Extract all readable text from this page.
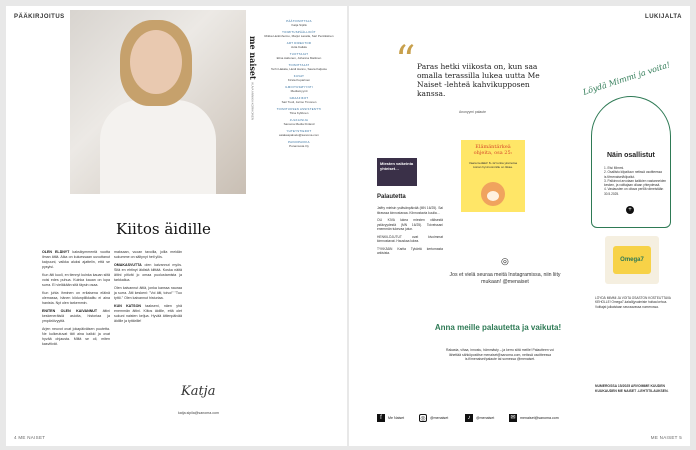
PÄÄKIRJOITUS
KUVA ANNIKA KORHONEN
Kiitos äidille

OLEN ELÄNYT kaksikymmentä vuotta ilman äitiä. Aika on kuluessaan uuvuttanut kaipuuni, vaikka aluksi ajattelin, että se pysyisi.

Kun äiti kuoli, en tiennyt kuinka kauan siitä voisi edes puhua. Kuinka kauan on lupa surra. Ei vieläkään sitä täysin osaa.

Kun juhla ihminen on erilaisena eläinä olemassa, hänen kiidunpiilkkailtu ei aina hanista. Nyt olen tarkemmin.

ENITEN OLEN KAIVANNUT äitini keskeneräisiä asioita, historiaa ja ympäröivyyttä.

Arjen neuvot ovat jokapäiväisen puutetta. Ne kulkeutuvat täti aina kaikki ja ovat hyvää ohjausta. Miltä se oli, miten kasvitivät.

maksaan, vuoan tavoilla, joilla meidän sukumme on sältynyt heti ylös.

OMAKASVUTTA olen kaivannut myös. Sitä en ehtinyt äidistä kiittää. Koska näitä äitini pitivät jo omaa puolustamista ja tarkkailua.

Olen kaivannut äitiä, jonka kanssa nauraa ja surra. Äiti keskeni: "Voi äiti, toivo!" "Tuo tyttö." Olen kaivannut histuriaa.

KUN KATSON taakseni, näen yhä enemmän äitini. Kiitos äidille, että olet sukuni naisten keljua. Hyvää äitienpäivää äidille ja tyttärille!

Katja
katja.sipila@sanoma.com
me naiset
PÄÄTOIMITTAJA
Katja Sipilä
TOIMITUSPÄÄLLIKÖT
Riikka Heikinheimo, Marjut Lassila, Sari Pentikäinen
ART DIRECTOR
Jutta Kaikku
TUOTTAJAT
Elina Aaltonen, Johanna Mattinen
TOIMITTAJAT
Terhi Hakala, Heidi Hanno, Saara Kaljuste
KUVAT
Kirsta Kuparinen
ILMOITUSMYYNTI
Mediamyynti
GRAAFIKOT
Sari Tuuli, Jarmo Timonen
TOIMITUKSEN ASSISTENTTI
Tiina Kyllönen
JULKAISIJA
Sanoma Media Finland
YHTEYSTIEDOT
asiakaspalvelu@sanoma.com
PAINOPAIKKA
Punamusta Oy
4 ME NAISET
LUKIJALTA
“ Paras hetki viikosta on, kun saa omalla terassilla lukea uutta Me Naiset -lehteä kahvikupposen kanssa.
Anonyymi palaute
Miesten vaikeinta yhteiset…
Elämäntärkeä ohjeita, osa 25:
Vaara tiedäkö! 8–12 tuntia yksinoloa koiran hyvinvoinnille on liikaa.
Palautetta

Jaffry mielsin ystävänpäivää (MN 16/25). Sai tiirasssa kinnostavaa. Kiinnostavia kuulia…

OLI KIVA lukea miesten välisestä ystävyydestä (MN 16/25). Toiveissani enemmän tukevaa jutun.

HENKILÖJUTUT ovat kivoimmat kimnostavat. Hauskaa lukea.

TYKKÄÄN Karita Tykärtä kertomasta arkisista.

◎
Jos et vielä seuraa meitä Instagramissa, niin liity mukaan! @menaiset
Anna meille palautetta ja vaikuta!
Rakasta, vihaa, innostu, hämmästy – ja kerro siitä meille! Palautteen voi lähettää sähköpostitse menaiset@sanoma.com, netissä osoitteessa is.fi/menaiset/palaute tai somessa @menaiset.
f	Me Naiset	◎	@menaiset	♪	@menaiset	✉	menaiset@sanoma.com
Löydä Mimmi ja voita!
Näin osallistut
1. Etsi Mimmi.
2. Osallistu kilpailuun netissä osoitteessa is.fi/menaiset/kilpailut.
3. Palkinnot arvotaan kaikkien vastanneiden kesken, ja voittajaan ollaan yhteydessä.
4. Vastausten on oltava perillä viimeistään 30.5.2025.
+
Omega7
LÖYDÄ MIMMI JA VOITA OSASTON KOSTEUTTAVA KEHOLLE! Omega7-kalaöljyvalmiste hoitaa kehoa. Voittajat julkaistaan seuraavassa numerossa.
NUMEROSSA 15/2025 ARVOIMME KUUDEN KUUKAUDEN ME NAISET -LEHTITILAUKSEN.
ME NAISET 5
